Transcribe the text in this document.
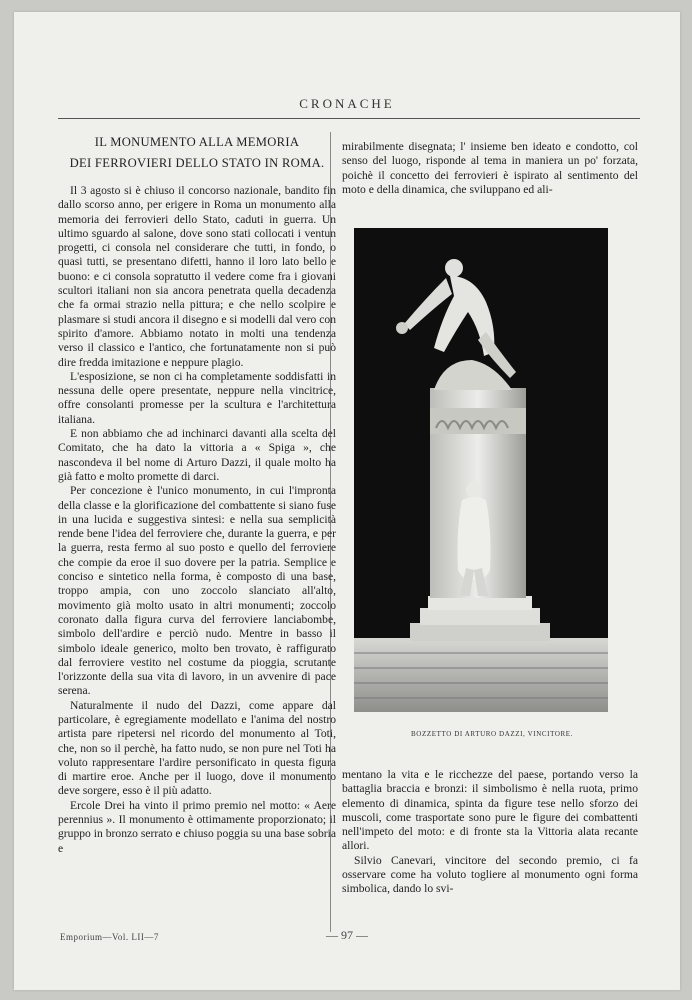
CRONACHE
IL MONUMENTO ALLA MEMORIA
DEI FERROVIERI DELLO STATO IN ROMA.

Il 3 agosto si è chiuso il concorso nazionale, bandito fin dallo scorso anno, per erigere in Roma un monumento alla memoria dei ferrovieri dello Stato, caduti in guerra. Un ultimo sguardo al salone, dove sono stati collocati i ventun progetti, ci consola nel considerare che tutti, in fondo, o quasi tutti, se presentano difetti, hanno il loro lato bello e buono: e ci consola sopratutto il vedere come fra i giovani scultori italiani non sia ancora penetrata quella decadenza che fa ormai strazio nella pittura; e che nello scolpire e plasmare si studi ancora il disegno e si modelli dal vero con spirito d'amore. Abbiamo notato in molti una tendenza verso il classico e l'antico, che fortunatamente non si può dire fredda imitazione e neppure plagio.

L'esposizione, se non ci ha completamente soddisfatti in nessuna delle opere presentate, neppure nella vincitrice, offre consolanti promesse per la scultura e l'architettura italiana.

E non abbiamo che ad inchinarci davanti alla scelta del Comitato, che ha dato la vittoria a « Spiga », che nascondeva il bel nome di Arturo Dazzi, il quale molto ha già fatto e molto promette di darci.

Per concezione è l'unico monumento, in cui l'impronta della classe e la glorificazione del combattente si siano fuse in una lucida e suggestiva sintesi: e nella sua semplicità rende bene l'idea del ferroviere che, durante la guerra, e per la guerra, resta fermo al suo posto e quello del ferroviere che compie da eroe il suo dovere per la patria. Semplice e conciso e sintetico nella forma, è composto di una base, troppo ampia, con uno zoccolo slanciato all'alto, movimento già molto usato in altri monumenti; zoccolo coronato dalla figura curva del ferroviere lanciabombe, simbolo dell'ardire e perciò nudo. Mentre in basso il simbolo ideale generico, molto ben trovato, è raffigurato dal ferroviere vestito nel costume da pioggia, scrutante l'orizzonte della sua vita di lavoro, in un avvenire di pace serena.

Naturalmente il nudo del Dazzi, come appare dal particolare, è egregiamente modellato e l'anima del nostro artista pare ripetersi nel ricordo del monumento al Toti, che, non so il perchè, ha fatto nudo, se non pure nel Toti ha voluto rappresentare l'ardire personificato in questa figura di martire eroe. Anche per il luogo, dove il monumento deve sorgere, esso è il più adatto.

Ercole Drei ha vinto il primo premio nel motto: « Aere perennius ». Il monumento è ottimamente proporzionato; il gruppo in bronzo serrato e chiuso poggia su una base sobria e

mirabilmente disegnata; l' insieme ben ideato e condotto, col senso del luogo, risponde al tema in maniera un po' forzata, poichè il concetto dei ferrovieri è ispirato al sentimento del moto e della dinamica, che sviluppano ed ali-

BOZZETTO DI ARTURO DAZZI, VINCITORE.

mentano la vita e le ricchezze del paese, portando verso la battaglia braccia e bronzi: il simbolismo è nella ruota, primo elemento di dinamica, spinta da figure tese nello sforzo dei muscoli, come trasportate sono pure le figure dei combattenti nell'impeto del moto: e di fronte sta la Vittoria alata recante allori.

Silvio Canevari, vincitore del secondo premio, ci fa osservare come ha voluto togliere al monumento ogni forma simbolica, dando lo svi-

Emporium—Vol. LII—7	— 97 —
